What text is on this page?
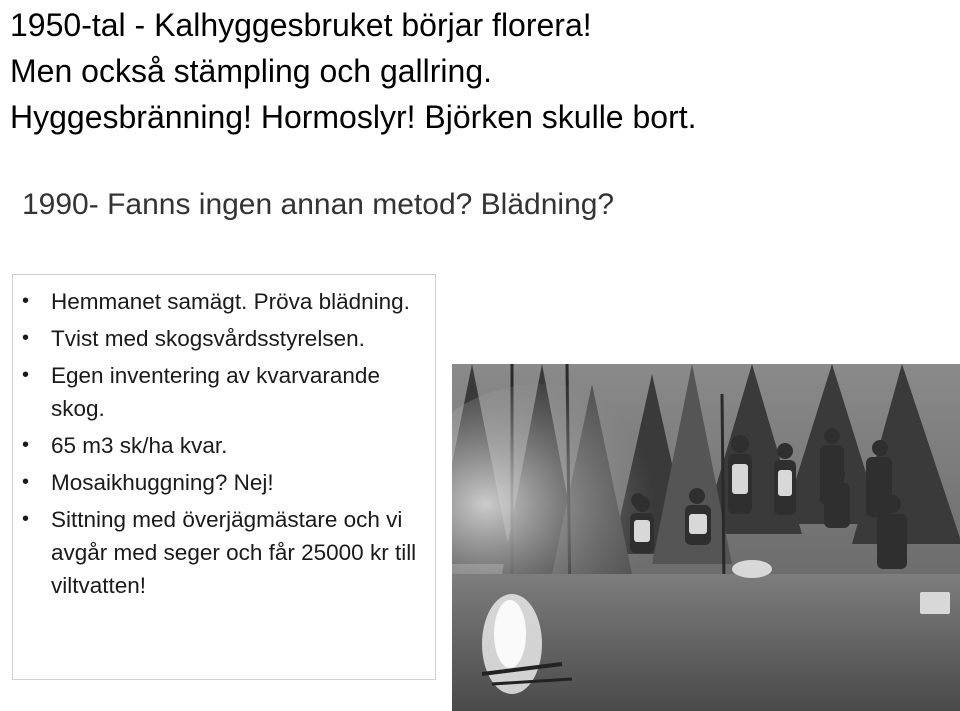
1950-tal - Kalhyggesbruket börjar florera!
Men också stämpling och gallring.
Hyggesbränning! Hormoslyr! Björken skulle bort.
1990- Fanns ingen annan metod? Blädning?
• Hemmanet samägt. Pröva blädning.
• Tvist med skogsvårdsstyrelsen.
• Egen inventering av kvarvarande skog.
• 65 m3 sk/ha kvar.
• Mosaikhuggning? Nej!
• Sittning med överjägmästare och vi avgår med seger och får 25000 kr till viltvatten!
